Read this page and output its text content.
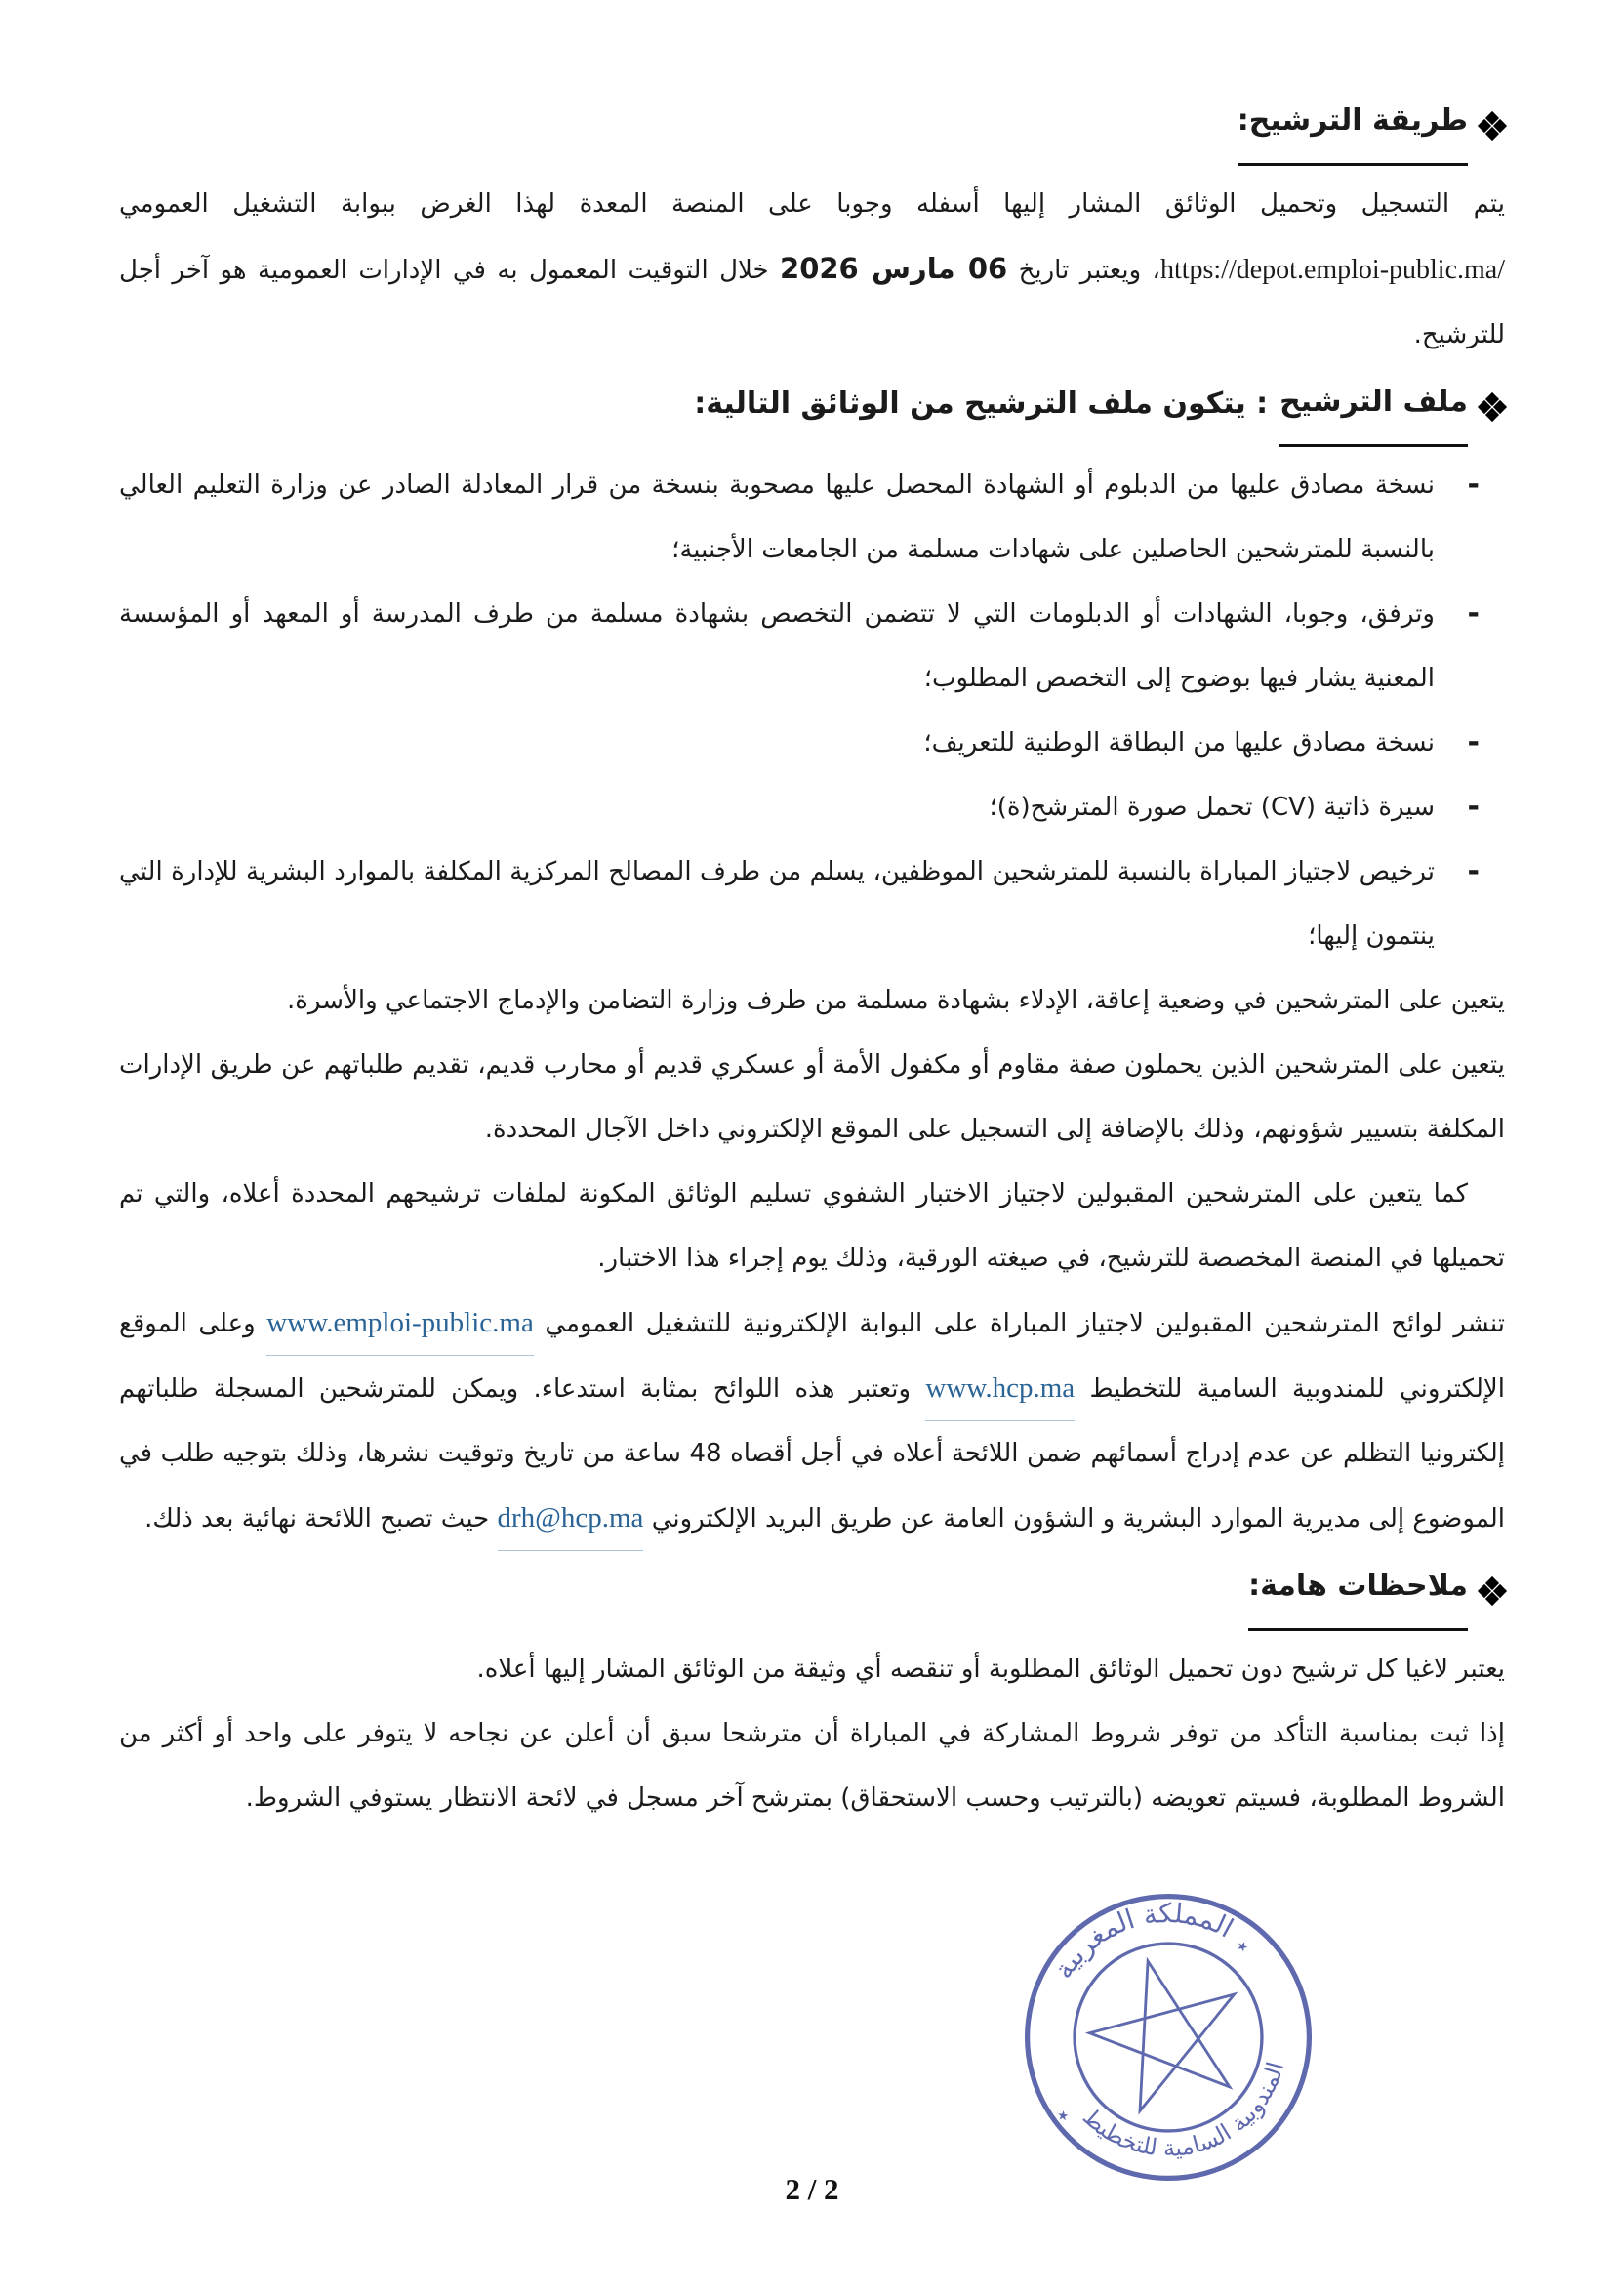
طريقة الترشيح:

يتم التسجيل وتحميل الوثائق المشار إليها أسفله وجوبا على المنصة المعدة لهذا الغرض ببوابة التشغيل العمومي https://depot.emploi-public.ma/، ويعتبر تاريخ 06 مارس 2026 خلال التوقيت المعمول به في الإدارات العمومية هو آخر أجل للترشيح.

ملف الترشيح
: يتكون ملف الترشيح من الوثائق التالية:
-
نسخة مصادق عليها من الدبلوم أو الشهادة المحصل عليها مصحوبة بنسخة من قرار المعادلة الصادر عن وزارة التعليم العالي بالنسبة للمترشحين الحاصلين على شهادات مسلمة من الجامعات الأجنبية؛
-
وترفق، وجوبا، الشهادات أو الدبلومات التي لا تتضمن التخصص بشهادة مسلمة من طرف المدرسة أو المعهد أو المؤسسة المعنية يشار فيها بوضوح إلى التخصص المطلوب؛
-
نسخة مصادق عليها من البطاقة الوطنية للتعريف؛
-
سيرة ذاتية (CV) تحمل صورة المترشح(ة)؛
-
ترخيص لاجتياز المباراة بالنسبة للمترشحين الموظفين، يسلم من طرف المصالح المركزية المكلفة بالموارد البشرية للإدارة التي ينتمون إليها؛

يتعين على المترشحين في وضعية إعاقة، الإدلاء بشهادة مسلمة من طرف وزارة التضامن والإدماج الاجتماعي والأسرة.

يتعين على المترشحين الذين يحملون صفة مقاوم أو مكفول الأمة أو عسكري قديم أو محارب قديم، تقديم طلباتهم عن طريق الإدارات المكلفة بتسيير شؤونهم، وذلك بالإضافة إلى التسجيل على الموقع الإلكتروني داخل الآجال المحددة.

كما يتعين على المترشحين المقبولين لاجتياز الاختبار الشفوي تسليم الوثائق المكونة لملفات ترشيحهم المحددة أعلاه، والتي تم تحميلها في المنصة المخصصة للترشيح، في صيغته الورقية، وذلك يوم إجراء هذا الاختبار.

تنشر لوائح المترشحين المقبولين لاجتياز المباراة على البوابة الإلكترونية للتشغيل العمومي www.emploi-public.ma وعلى الموقع الإلكتروني للمندوبية السامية للتخطيط www.hcp.ma وتعتبر هذه اللوائح بمثابة استدعاء. ويمكن للمترشحين المسجلة طلباتهم إلكترونيا التظلم عن عدم إدراج أسمائهم ضمن اللائحة أعلاه في أجل أقصاه 48 ساعة من تاريخ وتوقيت نشرها، وذلك بتوجيه طلب في الموضوع إلى مديرية الموارد البشرية و الشؤون العامة عن طريق البريد الإلكتروني drh@hcp.ma حيث تصبح اللائحة نهائية بعد ذلك.

ملاحظات هامة:

يعتبر لاغيا كل ترشيح دون تحميل الوثائق المطلوبة أو تنقصه أي وثيقة من الوثائق المشار إليها أعلاه.

إذا ثبت بمناسبة التأكد من توفر شروط المشاركة في المباراة أن مترشحا سبق أن أعلن عن نجاحه لا يتوفر على واحد أو أكثر من الشروط المطلوبة، فسيتم تعويضه (بالترتيب وحسب الاستحقاق) بمترشح آخر مسجل في لائحة الانتظار يستوفي الشروط.

المملكة المغربية
المندوبية السامية للتخطيط
٭
٭
2 / 2
